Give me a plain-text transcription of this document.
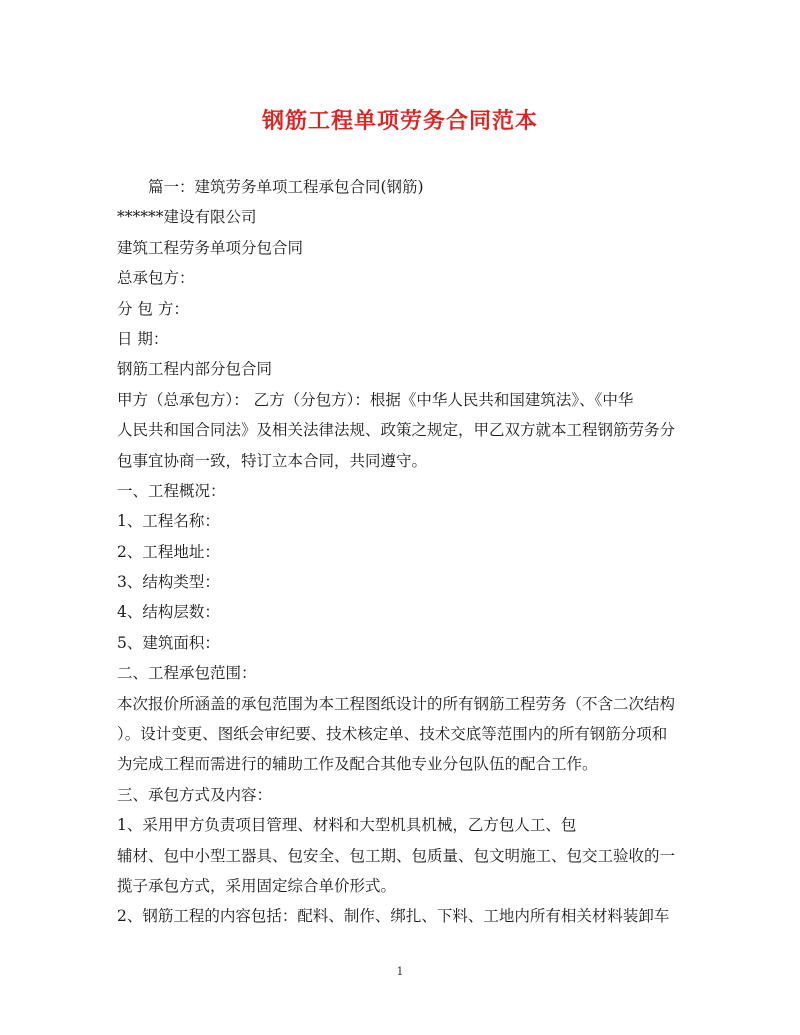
钢筋工程单项劳务合同范本
篇一：建筑劳务单项工程承包合同(钢筋)
******建设有限公司
建筑工程劳务单项分包合同
总承包方：
分 包 方：
日 期：
钢筋工程内部分包合同
甲方（总承包方）： 乙方（分包方）：根据《中华人民共和国建筑法》、《中华
人民共和国合同法》及相关法律法规、政策之规定，甲乙双方就本工程钢筋劳务分
包事宜协商一致，特订立本合同，共同遵守。
一、工程概况：
1、工程名称：
2、工程地址：
3、结构类型：
4、结构层数：
5、建筑面积：
二、工程承包范围：
本次报价所涵盖的承包范围为本工程图纸设计的所有钢筋工程劳务（不含二次结构
）。设计变更、图纸会审纪要、技术核定单、技术交底等范围内的所有钢筋分项和
为完成工程而需进行的辅助工作及配合其他专业分包队伍的配合工作。
三、承包方式及内容：
1、采用甲方负责项目管理、材料和大型机具机械，乙方包人工、包
辅材、包中小型工器具、包安全、包工期、包质量、包文明施工、包交工验收的一
揽子承包方式，采用固定综合单价形式。
2、钢筋工程的内容包括：配料、制作、绑扎、下料、工地内所有相关材料装卸车
1
